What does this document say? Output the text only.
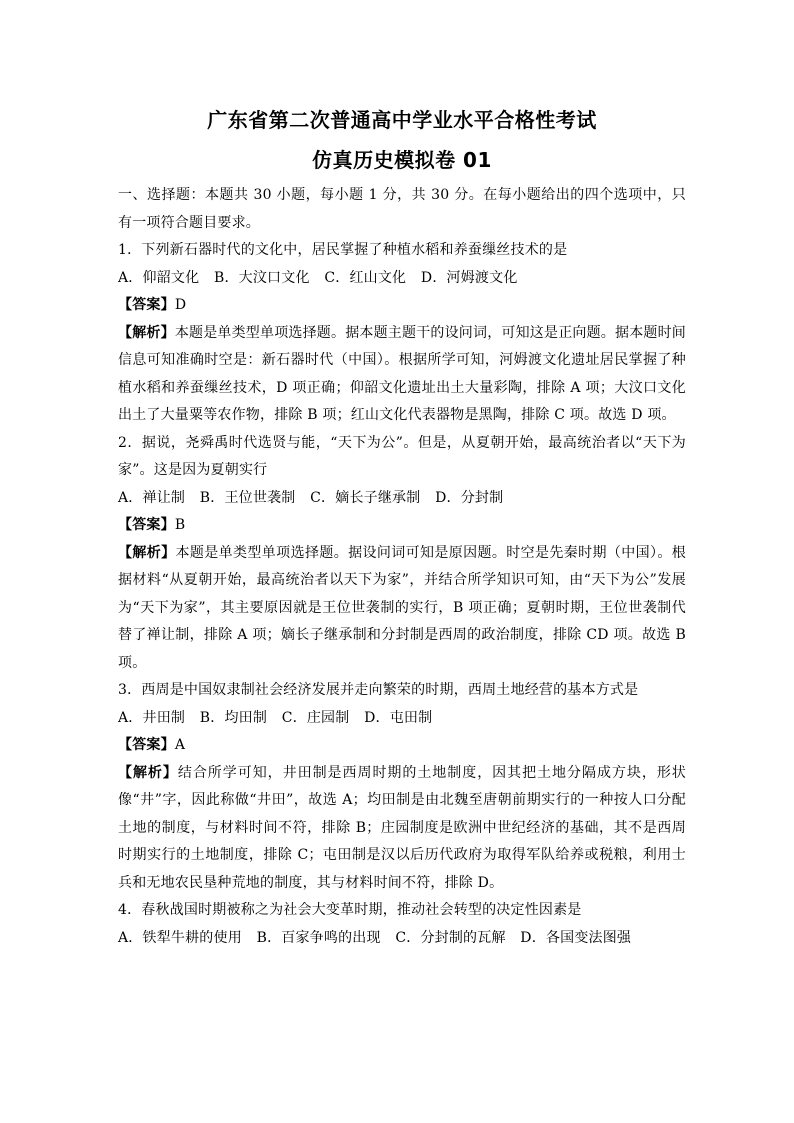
广东省第二次普通高中学业水平合格性考试
仿真历史模拟卷 01

一、选择题：本题共 30 小题，每小题 1 分，共 30 分。在每小题给出的四个选项中，只有一项符合题目要求。

1．下列新石器时代的文化中，居民掌握了种植水稻和养蚕缫丝技术的是

A．仰韶文化 B．大汶口文化 C．红山文化 D．河姆渡文化

【答案】D

【解析】本题是单类型单项选择题。据本题主题干的设问词，可知这是正向题。据本题时间信息可知准确时空是：新石器时代（中国）。根据所学可知，河姆渡文化遗址居民掌握了种植水稻和养蚕缫丝技术，D 项正确；仰韶文化遗址出土大量彩陶，排除 A 项；大汶口文化出土了大量粟等农作物，排除 B 项；红山文化代表器物是黑陶，排除 C 项。故选 D 项。

2．据说，尧舜禹时代选贤与能，“天下为公”。但是，从夏朝开始，最高统治者以“天下为家”。这是因为夏朝实行

A．禅让制 B．王位世袭制 C．嫡长子继承制 D．分封制

【答案】B

【解析】本题是单类型单项选择题。据设问词可知是原因题。时空是先秦时期（中国）。根据材料“从夏朝开始，最高统治者以天下为家”，并结合所学知识可知，由“天下为公”发展为“天下为家”，其主要原因就是王位世袭制的实行，B 项正确；夏朝时期，王位世袭制代替了禅让制，排除 A 项；嫡长子继承制和分封制是西周的政治制度，排除 CD 项。故选 B 项。

3．西周是中国奴隶制社会经济发展并走向繁荣的时期，西周土地经营的基本方式是

A．井田制 B．均田制 C．庄园制 D．屯田制

【答案】A

【解析】结合所学可知，井田制是西周时期的土地制度，因其把土地分隔成方块，形状像“井”字，因此称做“井田”，故选 A；均田制是由北魏至唐朝前期实行的一种按人口分配土地的制度，与材料时间不符，排除 B；庄园制度是欧洲中世纪经济的基础，其不是西周时期实行的土地制度，排除 C；屯田制是汉以后历代政府为取得军队给养或税粮，利用士兵和无地农民垦种荒地的制度，其与材料时间不符，排除 D。

4．春秋战国时期被称之为社会大变革时期，推动社会转型的决定性因素是

A．铁犁牛耕的使用 B．百家争鸣的出现 C．分封制的瓦解 D．各国变法图强
